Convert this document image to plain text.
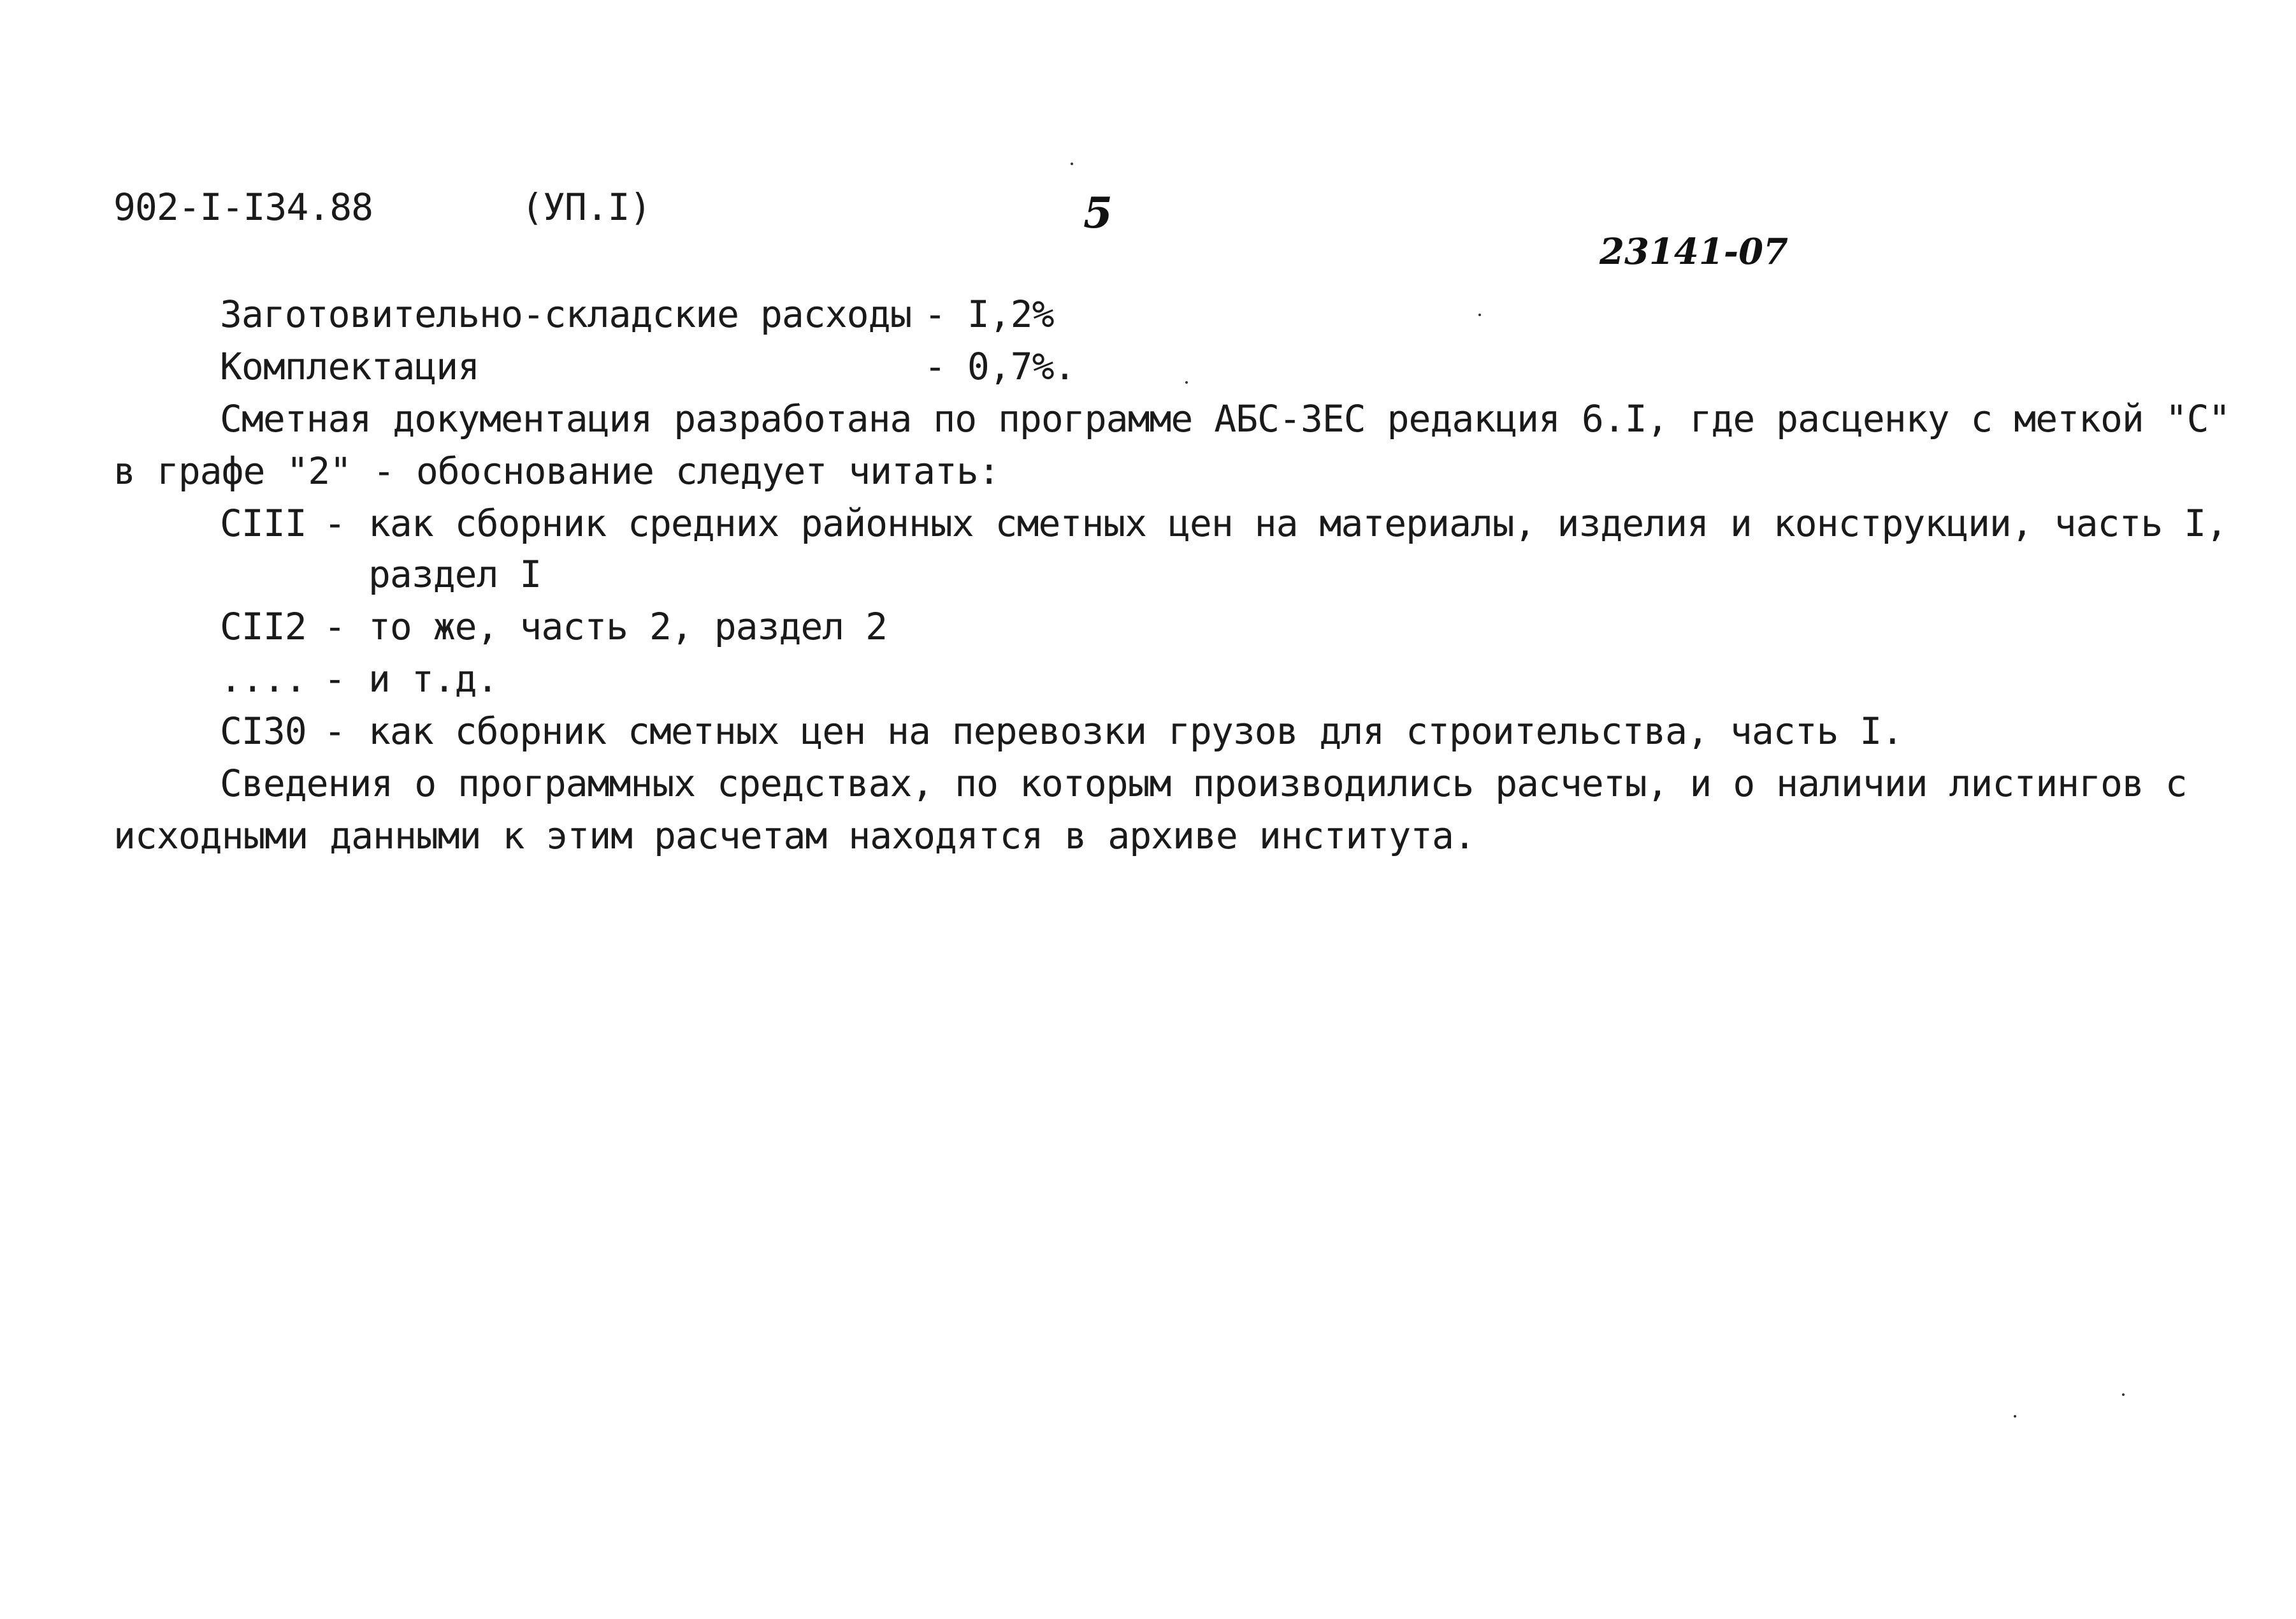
902-I-I34.88	(УП.I)	5
23141-07
Заготовительно-складские расходы - I,2%
Комплектация	- 0,7%.
Сметная документация разработана по программе АБС-ЗЕС редакция 6.I, где расценку с меткой "С"
в графе "2" - обоснование следует читать:
СIII - как сборник средних районных сметных цен на материалы, изделия и конструкции, часть I,
раздел I
СII2 - то же, часть 2, раздел 2
.... - и т.д.
СI30 - как сборник сметных цен на перевозки грузов для строительства, часть I.
Сведения о программных средствах, по которым производились расчеты, и о наличии листингов с
исходными данными к этим расчетам находятся в архиве института.
